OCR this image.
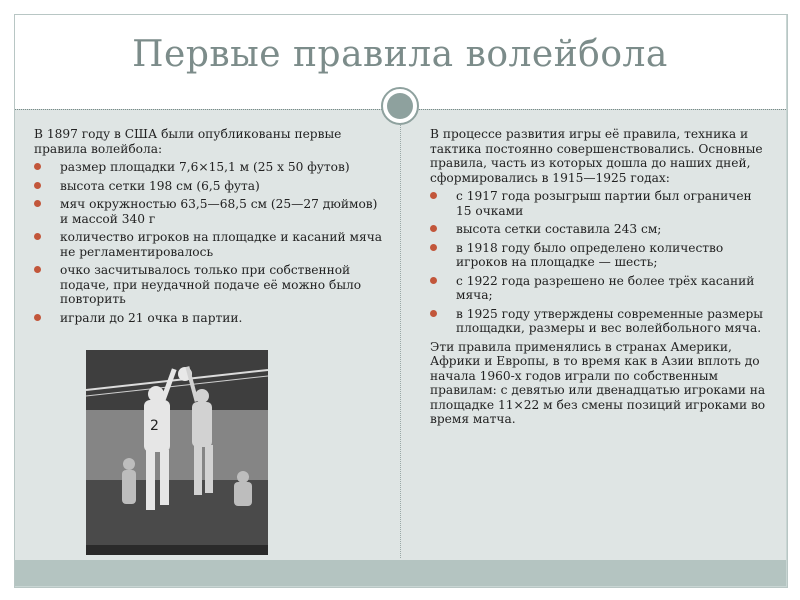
Первые правила волейбола

В 1897 году в США были опубликованы первые правила волейбола:

размер площадки 7,6×15,1 м (25 х 50 футов)
высота сетки 198 см (6,5 фута)
мяч окружностью 63,5—68,5 см (25—27 дюймов) и массой 340 г
количество игроков на площадке и касаний мяча не регламентировалось
очко засчитывалось только при собственной подаче, при неудачной подаче её можно было повторить
играли до 21 очка в партии.
2

В процессе развития игры её правила, техника и тактика постоянно совершенствовались. Основные правила, часть из которых дошла до наших дней, сформировались в 1915—1925 годах:

с 1917 года розыгрыш партии был ограничен 15 очками
высота сетки составила 243 см;
в 1918 году было определено количество игроков на площадке — шесть;
с 1922 года разрешено не более трёх касаний мяча;
в 1925 году утверждены современные размеры площадки, размеры и вес волейбольного мяча.

Эти правила применялись в странах Америки, Африки и Европы, в то время как в Азии вплоть до начала 1960-х годов играли по собственным правилам: с девятью или двенадцатью игроками на площадке 11×22 м без смены позиций игроками во время матча.
